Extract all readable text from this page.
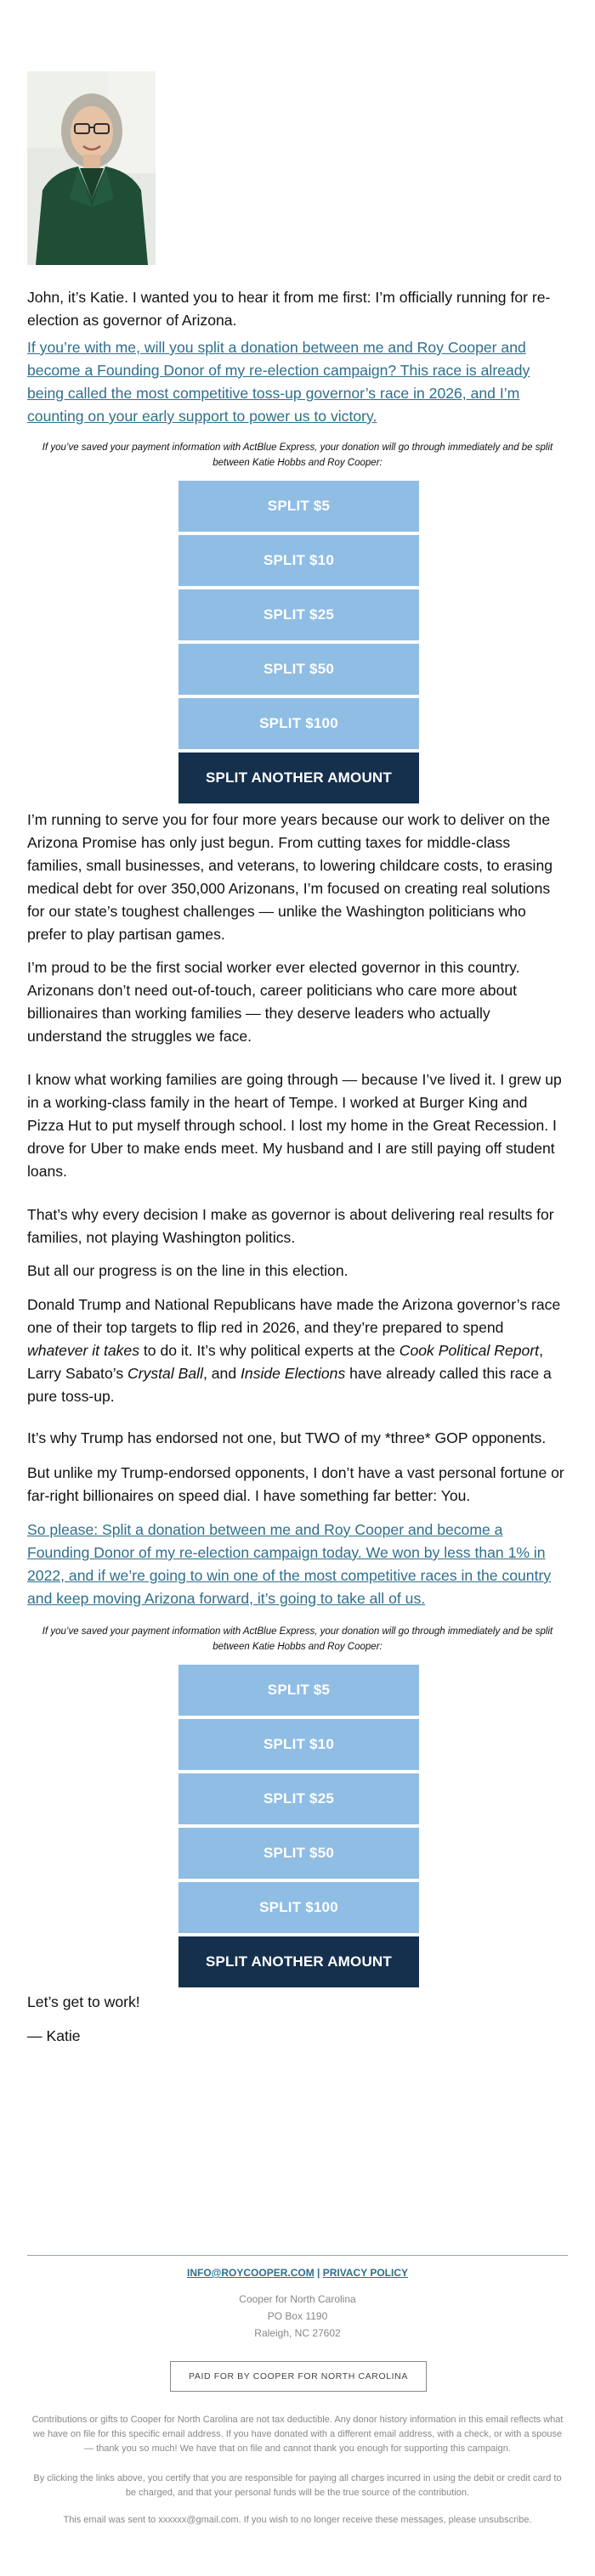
John, it’s Katie. I wanted you to hear it from me first: I’m officially running for re-election as governor of Arizona.

If you’re with me, will you split a donation between me and Roy Cooper and become a Founding Donor of my re-election campaign? This race is already being called the most competitive toss-up governor’s race in 2026, and I’m counting on your early support to power us to victory.

If you’ve saved your payment information with ActBlue Express, your donation will go through immediately and be split between Katie Hobbs and Roy Cooper:
SPLIT $5
SPLIT $10
SPLIT $25
SPLIT $50
SPLIT $100
SPLIT ANOTHER AMOUNT

I’m running to serve you for four more years because our work to deliver on the Arizona Promise has only just begun. From cutting taxes for middle-class families, small businesses, and veterans, to lowering childcare costs, to erasing medical debt for over 350,000 Arizonans, I’m focused on creating real solutions for our state’s toughest challenges — unlike the Washington politicians who prefer to play partisan games.

I’m proud to be the first social worker ever elected governor in this country. Arizonans don’t need out-of-touch, career politicians who care more about billionaires than working families — they deserve leaders who actually understand the struggles we face.

I know what working families are going through — because I’ve lived it. I grew up in a working-class family in the heart of Tempe. I worked at Burger King and Pizza Hut to put myself through school. I lost my home in the Great Recession. I drove for Uber to make ends meet. My husband and I are still paying off student loans.

That’s why every decision I make as governor is about delivering real results for families, not playing Washington politics.

But all our progress is on the line in this election.

Donald Trump and National Republicans have made the Arizona governor’s race one of their top targets to flip red in 2026, and they’re prepared to spend whatever it takes to do it. It’s why political experts at the Cook Political Report, Larry Sabato’s Crystal Ball, and Inside Elections have already called this race a pure toss-up.

It’s why Trump has endorsed not one, but TWO of my *three* GOP opponents.

But unlike my Trump-endorsed opponents, I don’t have a vast personal fortune or far-right billionaires on speed dial. I have something far better: You.

So please: Split a donation between me and Roy Cooper and become a Founding Donor of my re-election campaign today. We won by less than 1% in 2022, and if we’re going to win one of the most competitive races in the country and keep moving Arizona forward, it’s going to take all of us.

If you’ve saved your payment information with ActBlue Express, your donation will go through immediately and be split between Katie Hobbs and Roy Cooper:
SPLIT $5
SPLIT $10
SPLIT $25
SPLIT $50
SPLIT $100
SPLIT ANOTHER AMOUNT

Let’s get to work!

— Katie

INFO@ROYCOOPER.COM | PRIVACY POLICY
Cooper for North Carolina
PO Box 1190
Raleigh, NC 27602
PAID FOR BY COOPER FOR NORTH CAROLINA
Contributions or gifts to Cooper for North Carolina are not tax deductible. Any donor history information in this email reflects what we have on file for this specific email address. If you have donated with a different email address, with a check, or with a spouse — thank you so much! We have that on file and cannot thank you enough for supporting this campaign.
By clicking the links above, you certify that you are responsible for paying all charges incurred in using the debit or credit card to be charged, and that your personal funds will be the true source of the contribution.
This email was sent to xxxxxx@gmail.com. If you wish to no longer receive these messages, please unsubscribe.
